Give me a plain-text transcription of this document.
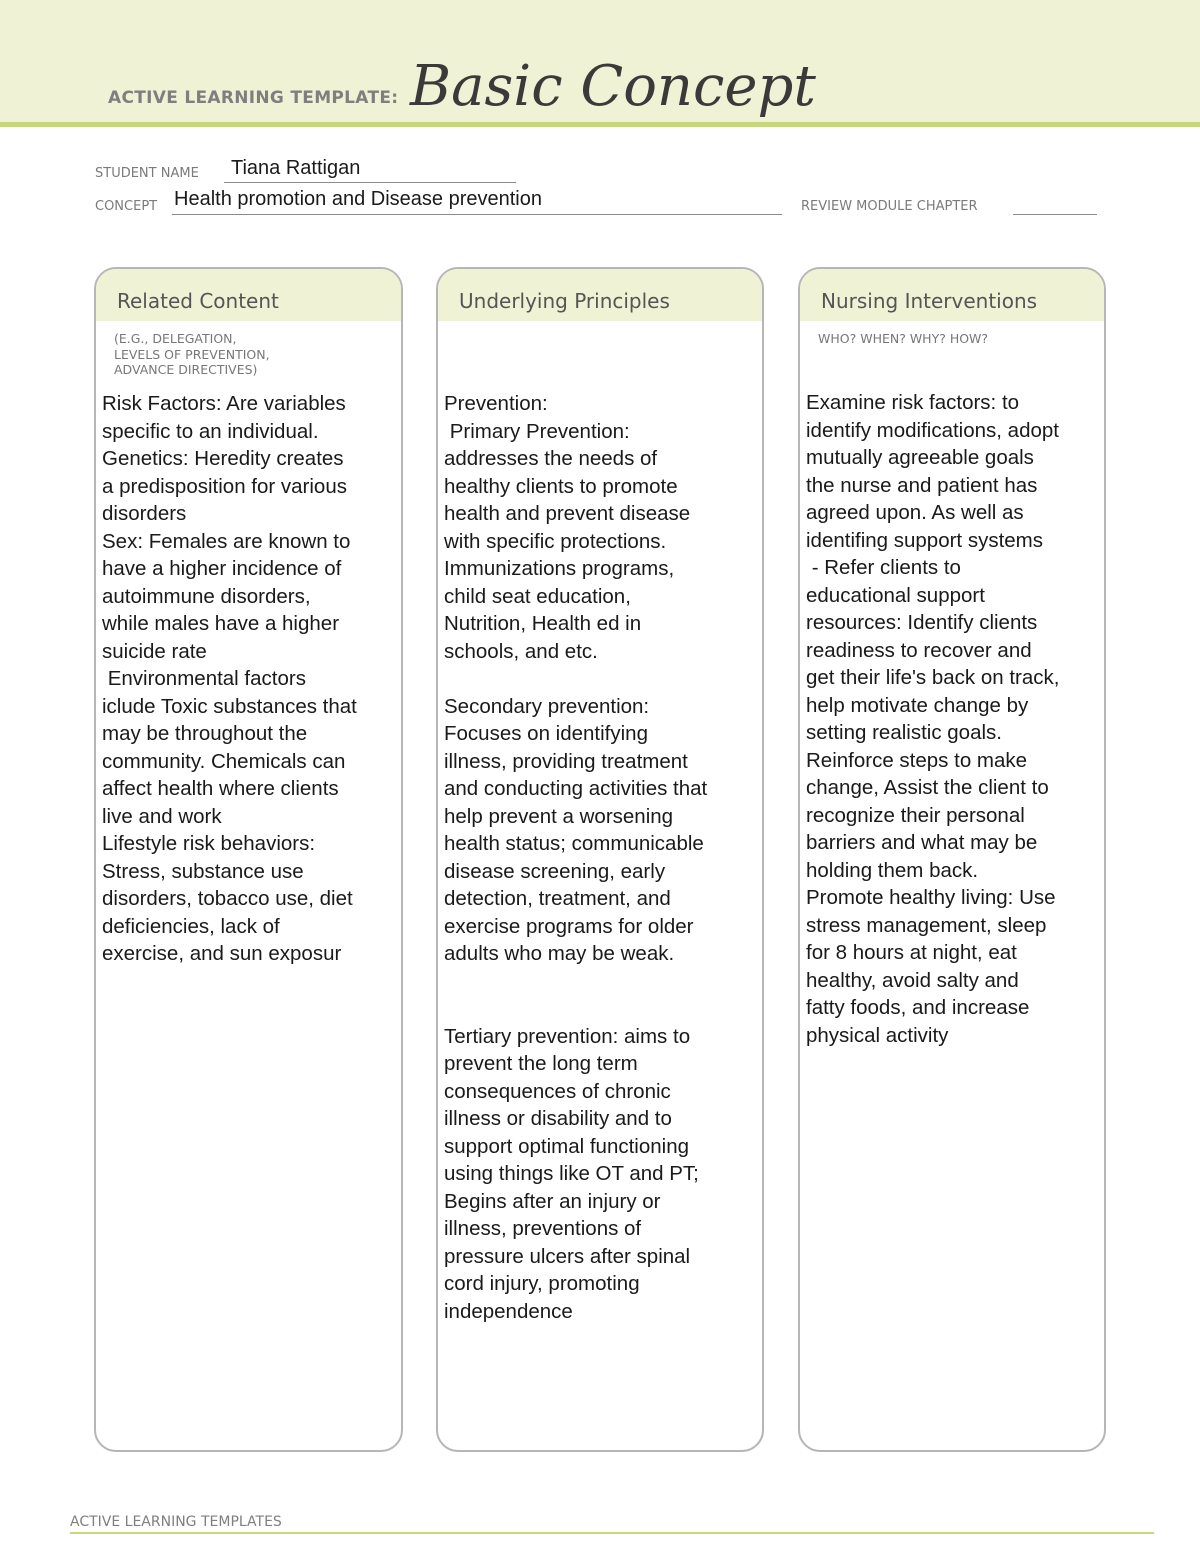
ACTIVE LEARNING TEMPLATE: Basic Concept
STUDENT NAME Tiana Rattigan
CONCEPT Health promotion and Disease prevention	REVIEW MODULE CHAPTER
Related Content
(E.G., DELEGATION,
LEVELS OF PREVENTION,
ADVANCE DIRECTIVES)
Risk Factors: Are variables
specific to an individual.
Genetics: Heredity creates
a predisposition for various
disorders
Sex: Females are known to
have a higher incidence of
autoimmune disorders,
while males have a higher
suicide rate
Environmental factors
iclude Toxic substances that
may be throughout the
community. Chemicals can
affect health where clients
live and work
Lifestyle risk behaviors:
Stress, substance use
disorders, tobacco use, diet
deficiencies, lack of
exercise, and sun exposur
Underlying Principles
Prevention:
Primary Prevention:
addresses the needs of
healthy clients to promote
health and prevent disease
with specific protections.
Immunizations programs,
child seat education,
Nutrition, Health ed in
schools, and etc.

Secondary prevention:
Focuses on identifying
illness, providing treatment
and conducting activities that
help prevent a worsening
health status; communicable
disease screening, early
detection, treatment, and
exercise programs for older
adults who may be weak.

Tertiary prevention: aims to
prevent the long term
consequences of chronic
illness or disability and to
support optimal functioning
using things like OT and PT;
Begins after an injury or
illness, preventions of
pressure ulcers after spinal
cord injury, promoting
independence
Nursing Interventions
WHO? WHEN? WHY? HOW?
Examine risk factors: to
identify modifications, adopt
mutually agreeable goals
the nurse and patient has
agreed upon. As well as
identifing support systems
- Refer clients to
educational support
resources: Identify clients
readiness to recover and
get their life's back on track,
help motivate change by
setting realistic goals.
Reinforce steps to make
change, Assist the client to
recognize their personal
barriers and what may be
holding them back.
Promote healthy living: Use
stress management, sleep
for 8 hours at night, eat
healthy, avoid salty and
fatty foods, and increase
physical activity
ACTIVE LEARNING TEMPLATES
